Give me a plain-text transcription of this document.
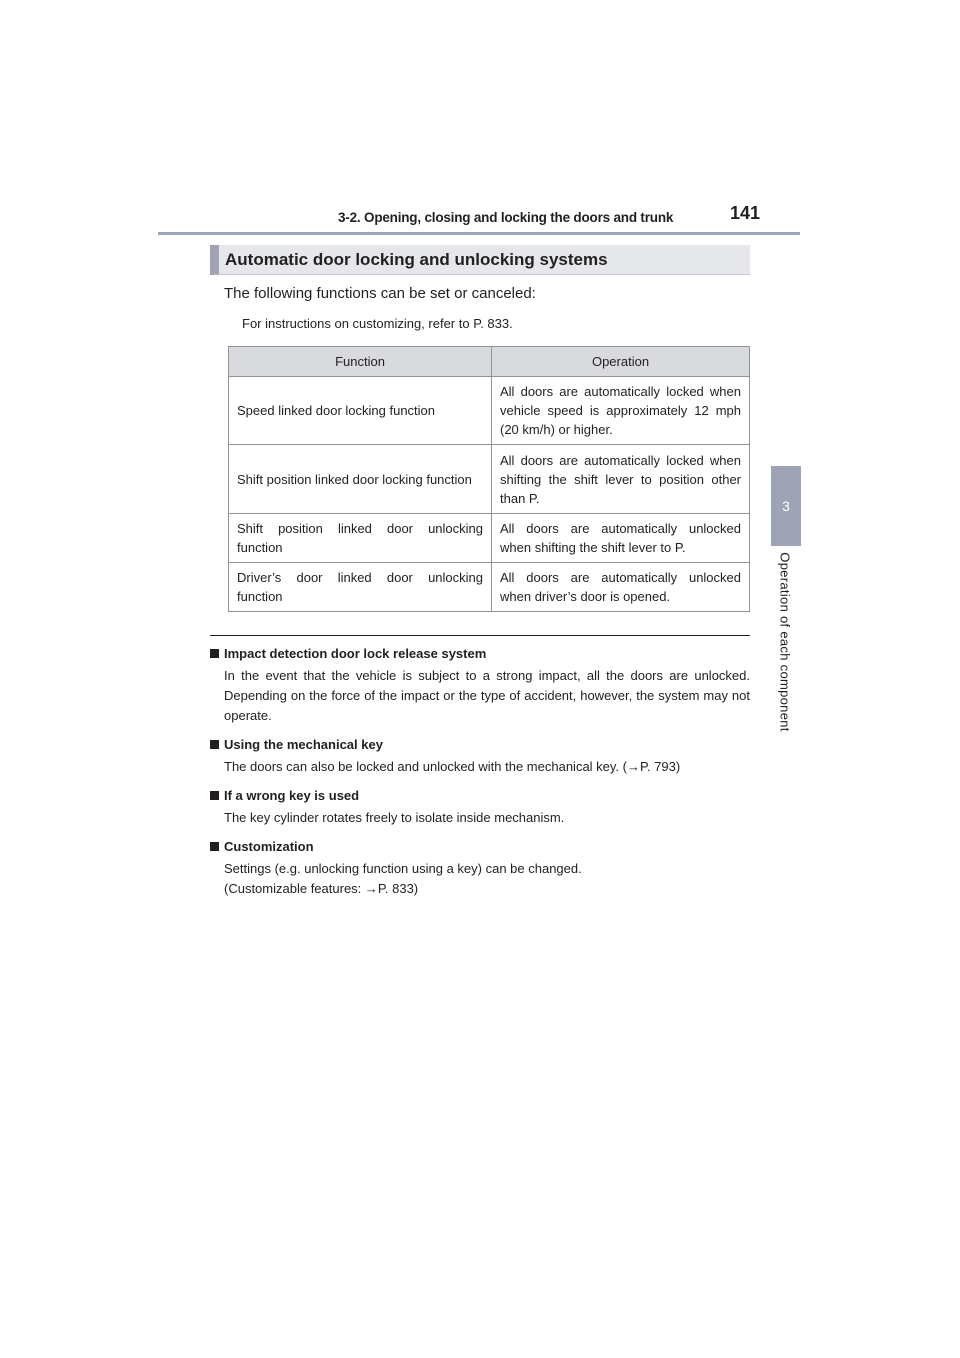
3-2. Opening, closing and locking the doors and trunk	141
3
Operation of each component
Automatic door locking and unlocking systems
The following functions can be set or canceled:
For instructions on customizing, refer to P. 833.
Function	Operation
Speed linked door locking function	All doors are automatically locked when vehicle speed is approximately 12 mph (20 km/h) or higher.
Shift position linked door locking function	All doors are automatically locked when shifting the shift lever to position other than P.
Shift position linked door unlocking function	All doors are automatically unlocked when shifting the shift lever to P.
Driver’s door linked door unlocking function	All doors are automatically unlocked when driver’s door is opened.
Impact detection door lock release system
In the event that the vehicle is subject to a strong impact, all the doors are unlocked. Depending on the force of the impact or the type of accident, however, the system may not operate.
Using the mechanical key
The doors can also be locked and unlocked with the mechanical key. (→P. 793)
If a wrong key is used
The key cylinder rotates freely to isolate inside mechanism.
Customization
Settings (e.g. unlocking function using a key) can be changed.
(Customizable features: →P. 833)
